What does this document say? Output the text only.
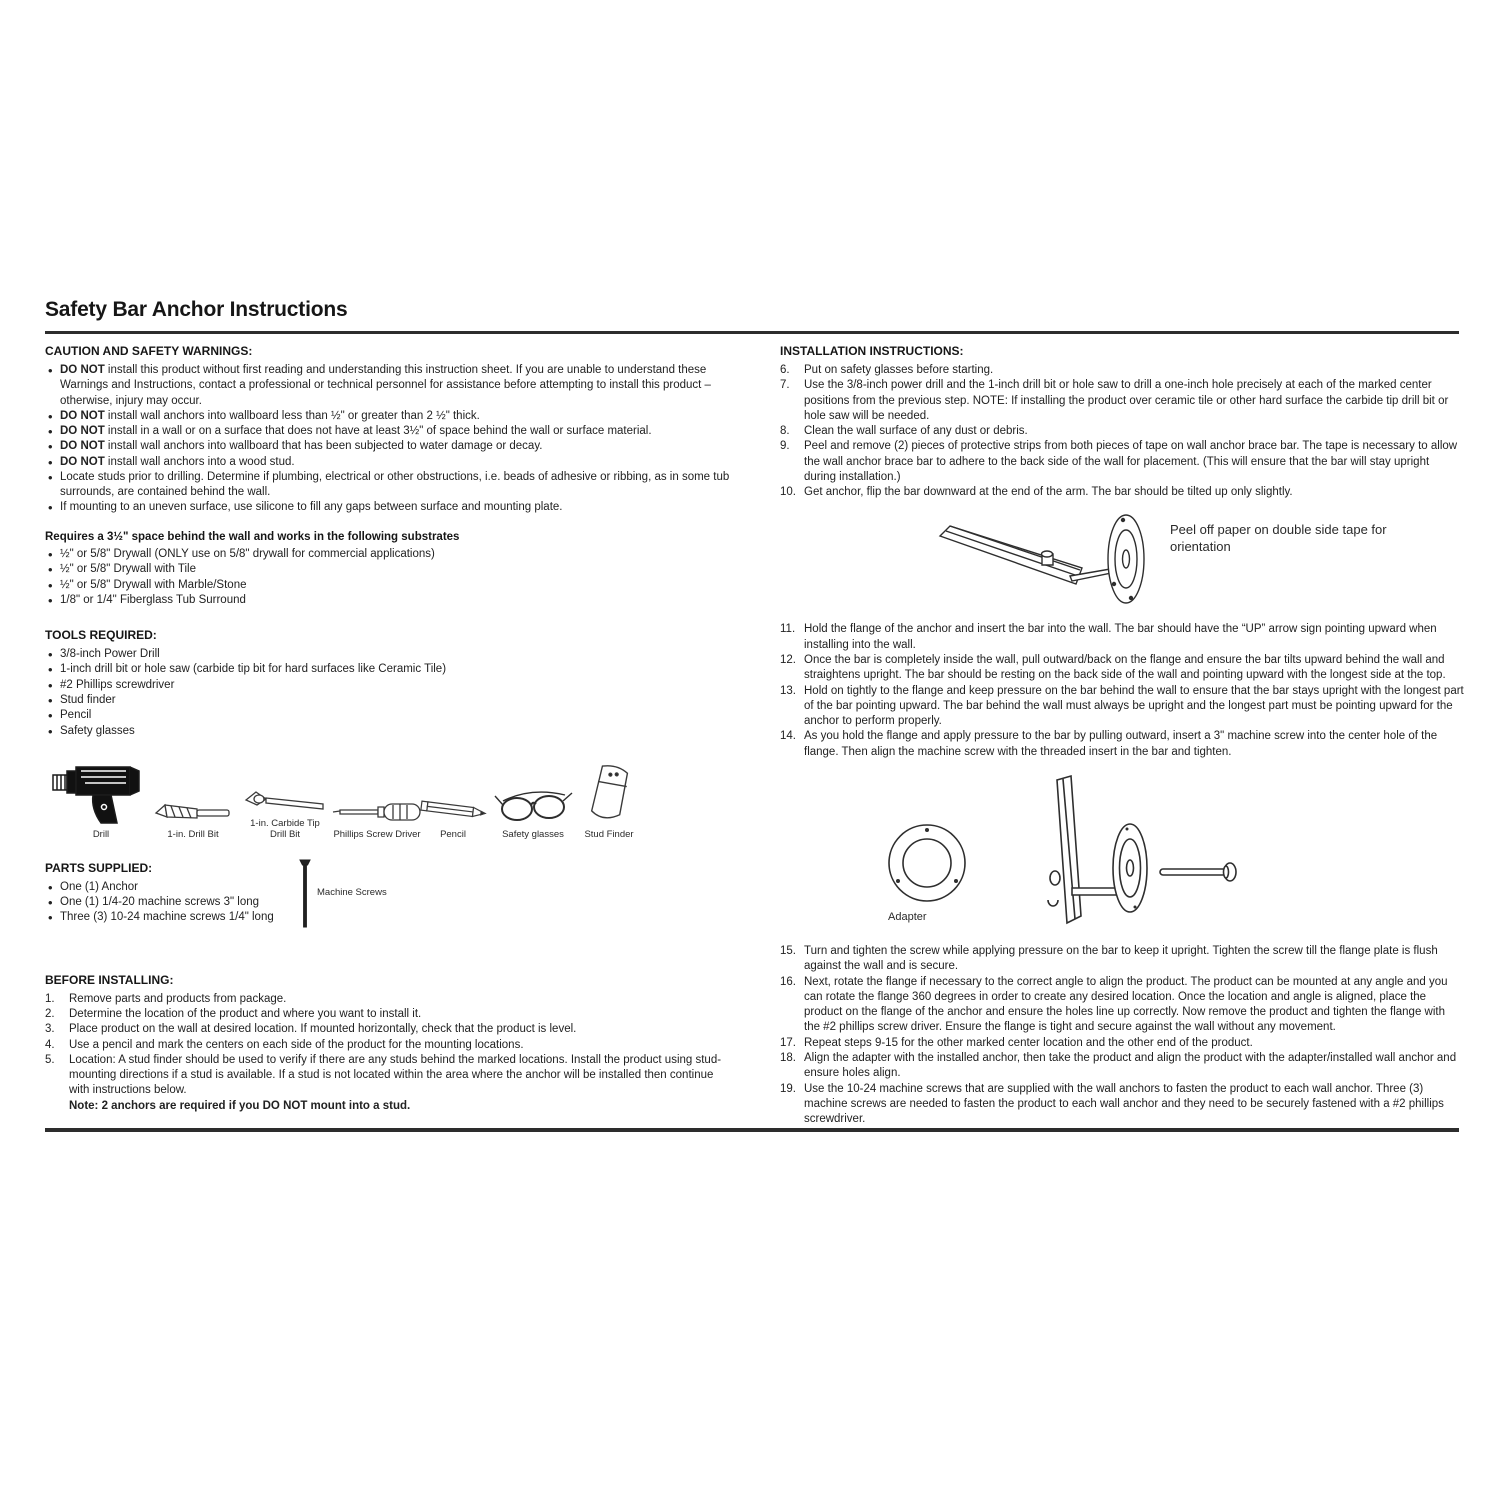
Safety Bar Anchor Instructions
CAUTION AND SAFETY WARNINGS:
• DO NOT install this product without first reading and understanding this instruction sheet. If you are unable to understand these Warnings and Instructions, contact a professional or technical personnel for assistance before attempting to install this product – otherwise, injury may occur.
• DO NOT install wall anchors into wallboard less than ½" or greater than 2 ½" thick.
• DO NOT install in a wall or on a surface that does not have at least 3½" of space behind the wall or surface material.
• DO NOT install wall anchors into wallboard that has been subjected to water damage or decay.
• DO NOT install wall anchors into a wood stud.
• Locate studs prior to drilling. Determine if plumbing, electrical or other obstructions, i.e. beads of adhesive or ribbing, as in some tub surrounds, are contained behind the wall.
• If mounting to an uneven surface, use silicone to fill any gaps between surface and mounting plate.
Requires a 3½" space behind the wall and works in the following substrates
• ½" or 5/8" Drywall (ONLY use on 5/8" drywall for commercial applications)
• ½" or 5/8" Drywall with Tile
• ½" or 5/8" Drywall with Marble/Stone
• 1/8" or 1/4" Fiberglass Tub Surround
TOOLS REQUIRED:
• 3/8-inch Power Drill
• 1-inch drill bit or hole saw (carbide tip bit for hard surfaces like Ceramic Tile)
• #2 Phillips screwdriver
• Stud finder
• Pencil
• Safety glasses
Drill	1-in. Drill Bit
1-in. Carbide Tip Drill Bit	Phillips Screw Driver Pencil	Safety glasses Stud Finder
PARTS SUPPLIED:
• One (1) Anchor
• One (1) 1/4-20 machine screws 3" long
• Three (3) 10-24 machine screws 1/4" long
Machine Screws
BEFORE INSTALLING:
1.	Remove parts and products from package.
2.	Determine the location of the product and where you want to install it.
3.	Place product on the wall at desired location. If mounted horizontally, check that the product is level.
4.	Use a pencil and mark the centers on each side of the product for the mounting locations.
5.	Location: A stud finder should be used to verify if there are any studs behind the marked locations. Install the product using stud-mounting directions if a stud is available. If a stud is not located within the area where the anchor will be installed then continue with instructions below.
Note: 2 anchors are required if you DO NOT mount into a stud.
INSTALLATION INSTRUCTIONS:
6.	Put on safety glasses before starting.
7.	Use the 3/8-inch power drill and the 1-inch drill bit or hole saw to drill a one-inch hole precisely at each of the marked center positions from the previous step. NOTE: If installing the product over ceramic tile or other hard surface the carbide tip drill bit or hole saw will be needed.
8.	Clean the wall surface of any dust or debris.
9.	Peel and remove (2) pieces of protective strips from both pieces of tape on wall anchor brace bar. The tape is necessary to allow the wall anchor brace bar to adhere to the back side of the wall for placement. (This will ensure that the bar will stay upright during installation.)
10. Get anchor, flip the bar downward at the end of the arm. The bar should be tilted up only slightly.
Peel off paper on double side tape for orientation
11. Hold the flange of the anchor and insert the bar into the wall. The bar should have the “UP” arrow sign pointing upward when installing into the wall.
12. Once the bar is completely inside the wall, pull outward/back on the flange and ensure the bar tilts upward behind the wall and straightens upright. The bar should be resting on the back side of the wall and pointing upward with the longest side at the top.
13. Hold on tightly to the flange and keep pressure on the bar behind the wall to ensure that the bar stays upright with the longest part of the bar pointing upward. The bar behind the wall must always be upright and the longest part must be pointing upward for the anchor to perform properly.
14. As you hold the flange and apply pressure to the bar by pulling outward, insert a 3" machine screw into the center hole of the flange. Then align the machine screw with the threaded insert in the bar and tighten.
Adapter
15. Turn and tighten the screw while applying pressure on the bar to keep it upright. Tighten the screw till the flange plate is flush against the wall and is secure.
16. Next, rotate the flange if necessary to the correct angle to align the product. The product can be mounted at any angle and you can rotate the flange 360 degrees in order to create any desired location. Once the location and angle is aligned, place the product on the flange of the anchor and ensure the holes line up correctly. Now remove the product and tighten the flange with the #2 phillips screw driver. Ensure the flange is tight and secure against the wall without any movement.
17. Repeat steps 9-15 for the other marked center location and the other end of the product.
18. Align the adapter with the installed anchor, then take the product and align the product with the adapter/installed wall anchor and ensure holes align.
19. Use the 10-24 machine screws that are supplied with the wall anchors to fasten the product to each wall anchor. Three (3) machine screws are needed to fasten the product to each wall anchor and they need to be securely fastened with a #2 phillips screwdriver.
